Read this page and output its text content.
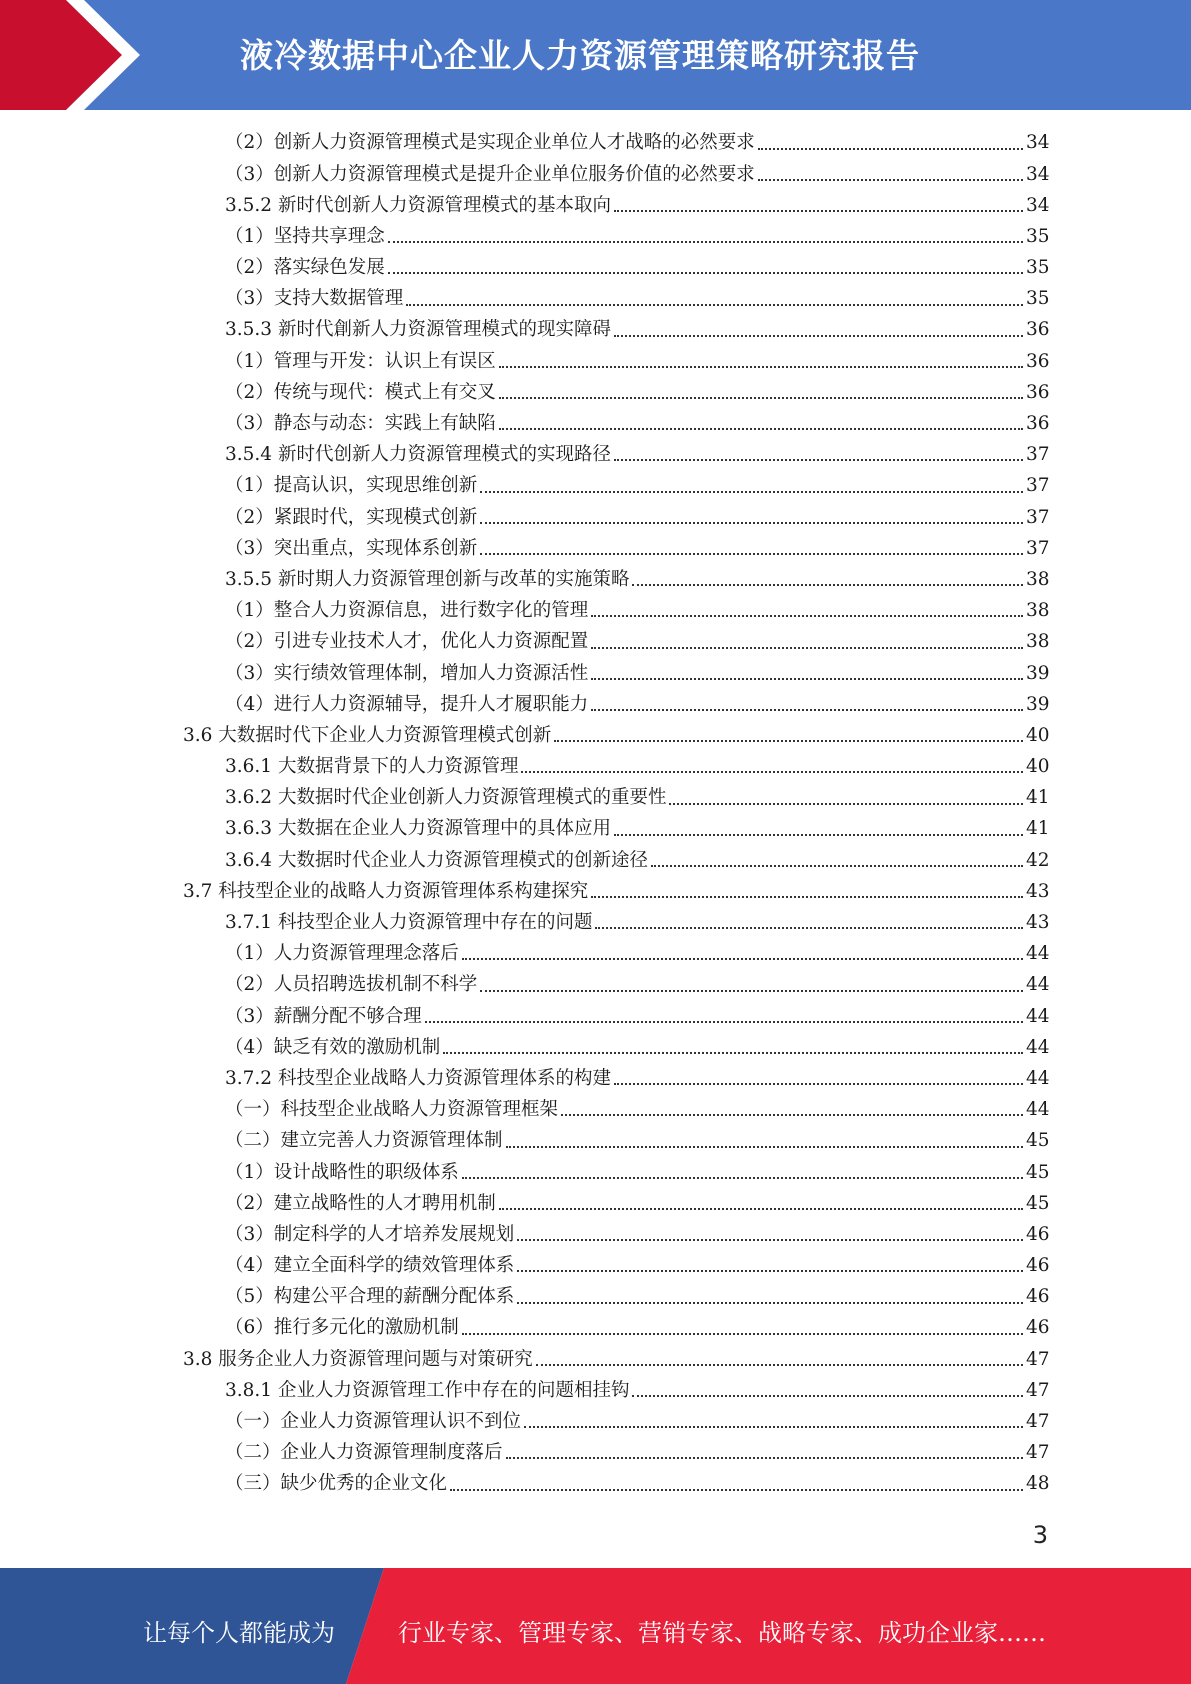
液冷数据中心企业人力资源管理策略研究报告
（2）创新人力资源管理模式是实现企业单位人才战略的必然要求	34
（3）创新人力资源管理模式是提升企业单位服务价值的必然要求	34
3.5.2 新时代创新人力资源管理模式的基本取向	34
（1）坚持共享理念	35
（2）落实绿色发展	35
（3）支持大数据管理	35
3.5.3 新时代創新人力资源管理模式的现实障碍	36
（1）管理与开发：认识上有误区	36
（2）传统与现代：模式上有交叉	36
（3）静态与动态：实践上有缺陷	36
3.5.4 新时代创新人力资源管理模式的实现路径	37
（1）提高认识，实现思维创新	37
（2）紧跟时代，实现模式创新	37
（3）突出重点，实现体系创新	37
3.5.5 新时期人力资源管理创新与改革的实施策略	38
（1）整合人力资源信息，进行数字化的管理	38
（2）引进专业技术人才，优化人力资源配置	38
（3）实行绩效管理体制，增加人力资源活性	39
（4）进行人力资源辅导，提升人才履职能力	39
3.6 大数据时代下企业人力资源管理模式创新	40
3.6.1 大数据背景下的人力资源管理	40
3.6.2 大数据时代企业创新人力资源管理模式的重要性	41
3.6.3 大数据在企业人力资源管理中的具体应用	41
3.6.4 大数据时代企业人力资源管理模式的创新途径	42
3.7 科技型企业的战略人力资源管理体系构建探究	43
3.7.1 科技型企业人力资源管理中存在的问题	43
（1）人力资源管理理念落后	44
（2）人员招聘选拔机制不科学	44
（3）薪酬分配不够合理	44
（4）缺乏有效的激励机制	44
3.7.2 科技型企业战略人力资源管理体系的构建	44
（一）科技型企业战略人力资源管理框架	44
（二）建立完善人力资源管理体制	45
（1）设计战略性的职级体系	45
（2）建立战略性的人才聘用机制	45
（3）制定科学的人才培养发展规划	46
（4）建立全面科学的绩效管理体系	46
（5）构建公平合理的薪酬分配体系	46
（6）推行多元化的激励机制	46
3.8 服务企业人力资源管理问题与对策研究	47
3.8.1 企业人力资源管理工作中存在的问题相挂钩	47
（一）企业人力资源管理认识不到位	47
（二）企业人力资源管理制度落后	47
（三）缺少优秀的企业文化	48
3
让每个人都能成为	行业专家、管理专家、营销专家、战略专家、成功企业家……
